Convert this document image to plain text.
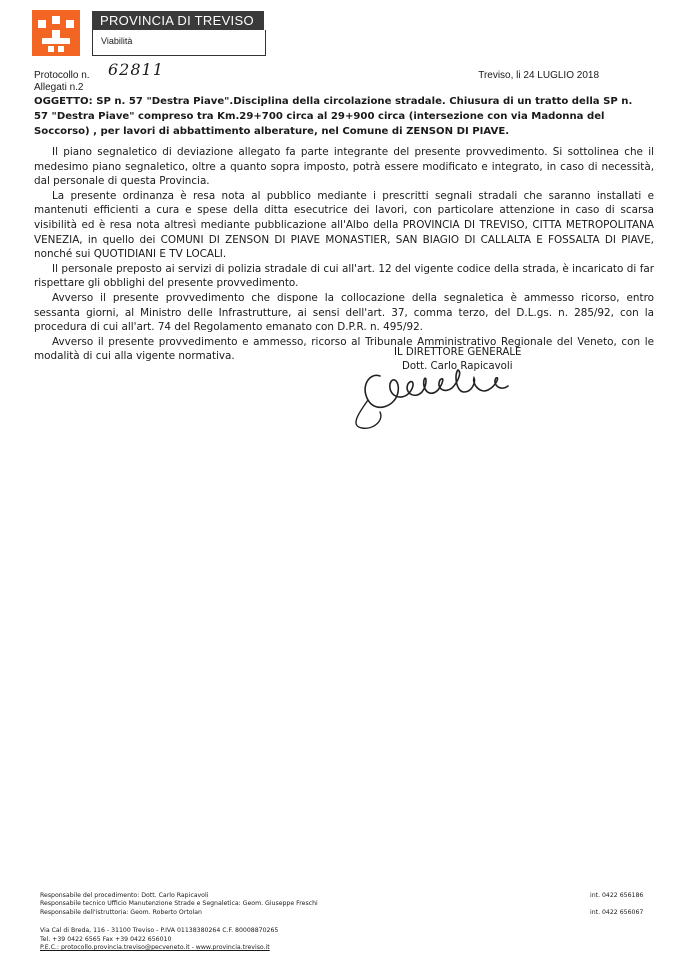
PROVINCIA DI TREVISO
Viabilità
Protocollo n. 62811
Allegati n.2
Treviso, li 24 LUGLIO 2018
OGGETTO: SP n. 57 "Destra Piave".Disciplina della circolazione stradale. Chiusura di un tratto della SP n. 57 "Destra Piave" compreso tra Km.29+700 circa al 29+900 circa (intersezione con via Madonna del Soccorso) , per lavori di abbattimento alberature, nel Comune di ZENSON DI PIAVE.

Il piano segnaletico di deviazione allegato fa parte integrante del presente provvedimento. Si sottolinea che il medesimo piano segnaletico, oltre a quanto sopra imposto, potrà essere modificato e integrato, in caso di necessità, dal personale di questa Provincia.

La presente ordinanza è resa nota al pubblico mediante i prescritti segnali stradali che saranno installati e mantenuti efficienti a cura e spese della ditta esecutrice dei lavori, con particolare attenzione in caso di scarsa visibilità ed è resa nota altresì mediante pubblicazione all'Albo della PROVINCIA DI TREVISO, CITTA METROPOLITANA VENEZIA, in quello dei COMUNI DI ZENSON DI PIAVE MONASTIER, SAN BIAGIO DI CALLALTA E FOSSALTA DI PIAVE, nonché sui QUOTIDIANI E TV LOCALI.

Il personale preposto ai servizi di polizia stradale di cui all'art. 12 del vigente codice della strada, è incaricato di far rispettare gli obblighi del presente provvedimento.

Avverso il presente provvedimento che dispone la collocazione della segnaletica è ammesso ricorso, entro sessanta giorni, al Ministro delle Infrastrutture, ai sensi dell'art. 37, comma terzo, del D.L.gs. n. 285/92, con la procedura di cui all'art. 74 del Regolamento emanato con D.P.R. n. 495/92.

Avverso il presente provvedimento e ammesso, ricorso al Tribunale Amministrativo Regionale del Veneto, con le modalità di cui alla vigente normativa.	IL DIRETTORE GENERALE
Dott. Carlo Rapicavoli
Responsabile del procedimento: Dott. Carlo Rapicavoli	int. 0422 656186
Responsabile tecnico Ufficio Manutenzione Strade e Segnaletica: Geom. Giuseppe Freschi
Responsabile dell'istruttoria: Geom. Roberto Ortolan	int. 0422 656067
Via Cal di Breda, 116 - 31100 Treviso - P.IVA 01138380264 C.F. 80008870265
Tel. +39 0422 6565 Fax +39 0422 656010
P.E.C.: protocollo.provincia.treviso@pecveneto.it - www.provincia.treviso.it
